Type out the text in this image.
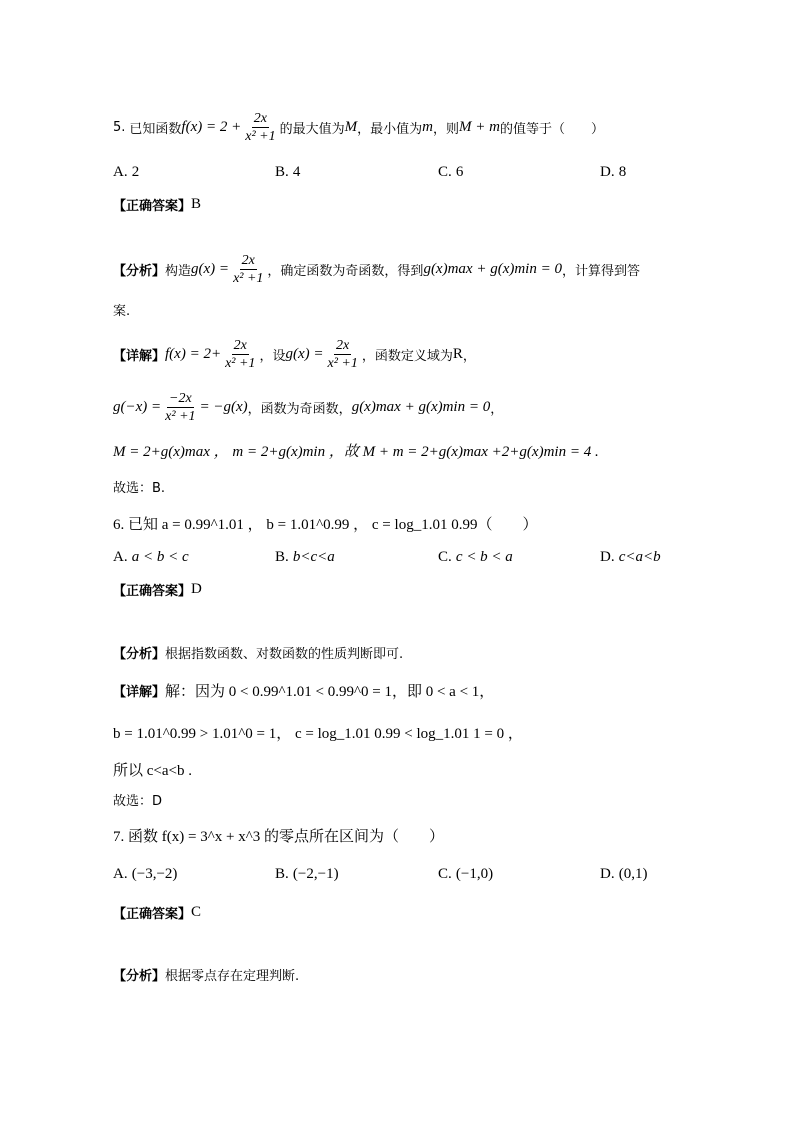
5. 已知函数 $f(x) = 2 + \frac{2x}{\text{x² +1}}$ 的最大值为 M ，最小值为 m ，则 M + m 的值等于（　　）
A. 2	B. 4	C. 6	D. 8
【正确答案】 B
【分析】 构造 $g(x) = \frac{2x}{\text{x² +1}}$ ，确定函数为奇函数，得到 g(x)max + g(x)min = 0 ，计算得到答
案.
【详解】 $f(x) = 2+ \frac{2x}{\text{x² +1}}$ ，设 $g(x) = \frac{2x}{\text{x² +1}}$ ，函数定义域为 R ，
$g(-x) = \frac{-2x}{\text{x² +1}} = -g(x)$ ，函数为奇函数， g(x)max + g(x)min = 0 ，
M = 2+g(x)max ， m = 2+g(x)min ，故 M + m = 2+g(x)max +2+g(x)min = 4 .
故选：B.
6. 已知 a = 0.99^1.01 ， b = 1.01^0.99 ， c = log_1.01 0.99（　　）
A. a < b < c	B. b<c<a	C. c < b < a	D. c<a<b
【正确答案】 D
【分析】 根据指数函数、对数函数的性质判断即可.
【详解】 解：因为 0 < 0.99^1.01 < 0.99^0 = 1，即 0 < a < 1，
b = 1.01^0.99 > 1.01^0 = 1， c = log_1.01 0.99 < log_1.01 1 = 0 ，
所以 c<a<b .
故选：D
7. 函数 f(x) = 3^x + x^3 的零点所在区间为（　　）
A. (−3,−2)	B. (−2,−1)	C. (−1,0)	D. (0,1)
【正确答案】 C
【分析】 根据零点存在定理判断.
